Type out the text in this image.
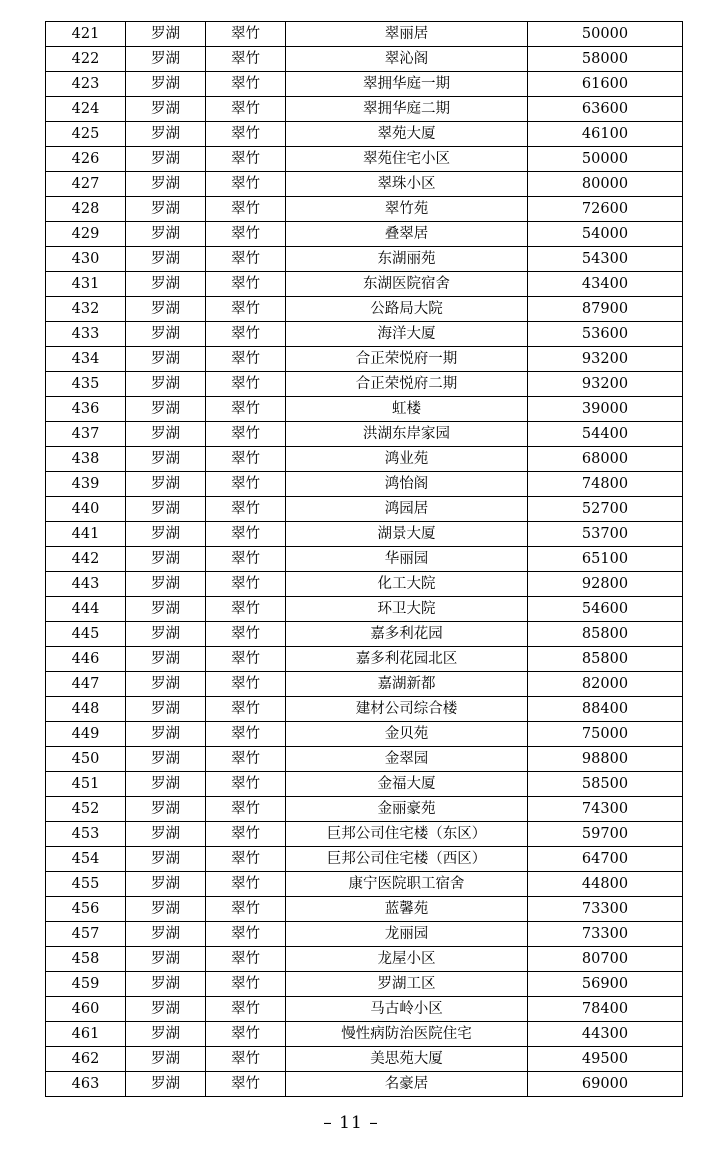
421	罗湖	翠竹	翠丽居	50000
422	罗湖	翠竹	翠沁阁	58000
423	罗湖	翠竹	翠拥华庭一期	61600
424	罗湖	翠竹	翠拥华庭二期	63600
425	罗湖	翠竹	翠苑大厦	46100
426	罗湖	翠竹	翠苑住宅小区	50000
427	罗湖	翠竹	翠珠小区	80000
428	罗湖	翠竹	翠竹苑	72600
429	罗湖	翠竹	叠翠居	54000
430	罗湖	翠竹	东湖丽苑	54300
431	罗湖	翠竹	东湖医院宿舍	43400
432	罗湖	翠竹	公路局大院	87900
433	罗湖	翠竹	海洋大厦	53600
434	罗湖	翠竹	合正荣悦府一期	93200
435	罗湖	翠竹	合正荣悦府二期	93200
436	罗湖	翠竹	虹楼	39000
437	罗湖	翠竹	洪湖东岸家园	54400
438	罗湖	翠竹	鸿业苑	68000
439	罗湖	翠竹	鸿怡阁	74800
440	罗湖	翠竹	鸿园居	52700
441	罗湖	翠竹	湖景大厦	53700
442	罗湖	翠竹	华丽园	65100
443	罗湖	翠竹	化工大院	92800
444	罗湖	翠竹	环卫大院	54600
445	罗湖	翠竹	嘉多利花园	85800
446	罗湖	翠竹	嘉多利花园北区	85800
447	罗湖	翠竹	嘉湖新都	82000
448	罗湖	翠竹	建材公司综合楼	88400
449	罗湖	翠竹	金贝苑	75000
450	罗湖	翠竹	金翠园	98800
451	罗湖	翠竹	金福大厦	58500
452	罗湖	翠竹	金丽豪苑	74300
453	罗湖	翠竹	巨邦公司住宅楼（东区）	59700
454	罗湖	翠竹	巨邦公司住宅楼（西区）	64700
455	罗湖	翠竹	康宁医院职工宿舍	44800
456	罗湖	翠竹	蓝馨苑	73300
457	罗湖	翠竹	龙丽园	73300
458	罗湖	翠竹	龙屋小区	80700
459	罗湖	翠竹	罗湖工区	56900
460	罗湖	翠竹	马古岭小区	78400
461	罗湖	翠竹	慢性病防治医院住宅	44300
462	罗湖	翠竹	美思苑大厦	49500
463	罗湖	翠竹	名豪居	69000
– 11 –
